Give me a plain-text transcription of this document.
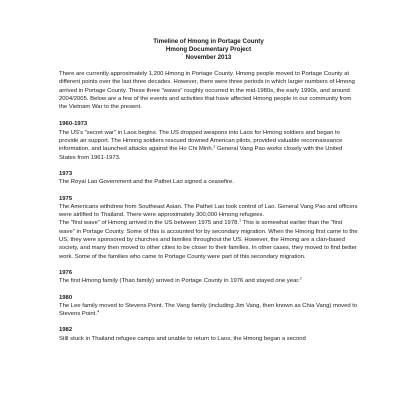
Timeline of Hmong in Portage County
Hmong Documentary Project
November 2013

There are currently approximately 1,200 Hmong in Portage County. Hmong people moved to Portage County at different points over the last three decades. However, there were three periods in which larger numbers of Hmong arrived in Portage County. These three "waves" roughly occurred in the mid-1980s, the early 1990s, and around 2004/2005. Below are a few of the events and activities that have affected Hmong people in our community from the Vietnam War to the present.

1960-1973

The US's "secret war" in Laos begins. The US dropped weapons into Laos for Hmong soldiers and began to provide air support. The Hmong soldiers rescued downed American pilots, provided valuable reconnaissance information, and launched attacks against the Ho Chi Minh.$^1$ General Vang Pao works closely with the United States from 1961-1973.

1973

The Royal Lao Government and the Pathet Lao signed a ceasefire.

1975

The Americans withdrew from Southeast Asian. The Pathet Lao took control of Lao. General Vang Pao and officers were airlifted to Thailand. There were approximately 300,000 Hmong refugees.

The "first wave" of Hmong arrived in the US between 1975 and 1978.$^1$ This is somewhat earlier than the "first wave" in Portage County. Some of this is accounted for by secondary migration. When the Hmong first came to the US, they were sponsored by churches and families throughout the US. However, the Hmong are a clan-based society, and many then moved to other cities to be closer to their families. In other cases, they moved to find better work. Some of the families who came to Portage County were part of this secondary migration.

1976

The first Hmong family (Thao family) arrived in Portage County in 1976 and stayed one year.$^2$

1980

The Lee family moved to Stevens Point. The Vang family (including Jim Vang, then known as Chia Vang) moved to Stevens Point.$^4$

1982

Still stuck in Thailand refugee camps and unable to return to Laos, the Hmong began a second
